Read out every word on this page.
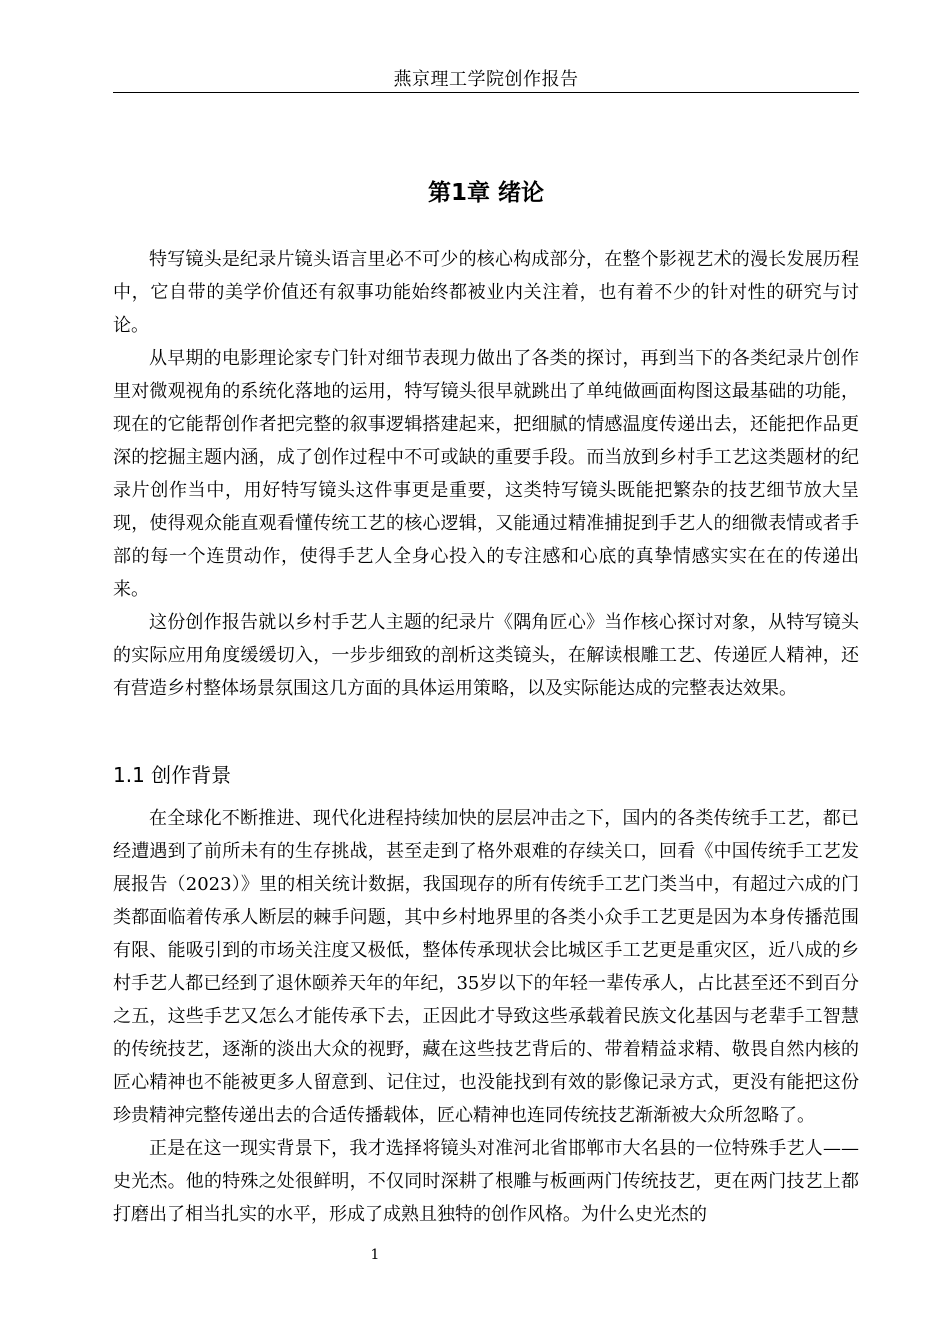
燕京理工学院创作报告
第1章 绪论

特写镜头是纪录片镜头语言里必不可少的核心构成部分，在整个影视艺术的漫长发展历程中，它自带的美学价值还有叙事功能始终都被业内关注着，也有着不少的针对性的研究与讨论。

从早期的电影理论家专门针对细节表现力做出了各类的探讨，再到当下的各类纪录片创作里对微观视角的系统化落地的运用，特写镜头很早就跳出了单纯做画面构图这最基础的功能，现在的它能帮创作者把完整的叙事逻辑搭建起来，把细腻的情感温度传递出去，还能把作品更深的挖掘主题内涵，成了创作过程中不可或缺的重要手段。而当放到乡村手工艺这类题材的纪录片创作当中，用好特写镜头这件事更是重要，这类特写镜头既能把繁杂的技艺细节放大呈现，使得观众能直观看懂传统工艺的核心逻辑，又能通过精准捕捉到手艺人的细微表情或者手部的每一个连贯动作，使得手艺人全身心投入的专注感和心底的真挚情感实实在在的传递出来。

这份创作报告就以乡村手艺人主题的纪录片《隅角匠心》当作核心探讨对象，从特写镜头的实际应用角度缓缓切入，一步步细致的剖析这类镜头，在解读根雕工艺、传递匠人精神，还有营造乡村整体场景氛围这几方面的具体运用策略，以及实际能达成的完整表达效果。

1.1 创作背景

在全球化不断推进、现代化进程持续加快的层层冲击之下，国内的各类传统手工艺，都已经遭遇到了前所未有的生存挑战，甚至走到了格外艰难的存续关口，回看《中国传统手工艺发展报告（2023）》里的相关统计数据，我国现存的所有传统手工艺门类当中，有超过六成的门类都面临着传承人断层的棘手问题，其中乡村地界里的各类小众手工艺更是因为本身传播范围有限、能吸引到的市场关注度又极低，整体传承现状会比城区手工艺更是重灾区，近八成的乡村手艺人都已经到了退休颐养天年的年纪，35岁以下的年轻一辈传承人，占比甚至还不到百分之五，这些手艺又怎么才能传承下去，正因此才导致这些承载着民族文化基因与老辈手工智慧的传统技艺，逐渐的淡出大众的视野，藏在这些技艺背后的、带着精益求精、敬畏自然内核的匠心精神也不能被更多人留意到、记住过，也没能找到有效的影像记录方式，更没有能把这份珍贵精神完整传递出去的合适传播载体，匠心精神也连同传统技艺渐渐被大众所忽略了。

正是在这一现实背景下，我才选择将镜头对准河北省邯郸市大名县的一位特殊手艺人——史光杰。他的特殊之处很鲜明，不仅同时深耕了根雕与板画两门传统技艺，更在两门技艺上都打磨出了相当扎实的水平，形成了成熟且独特的创作风格。为什么史光杰的

1
